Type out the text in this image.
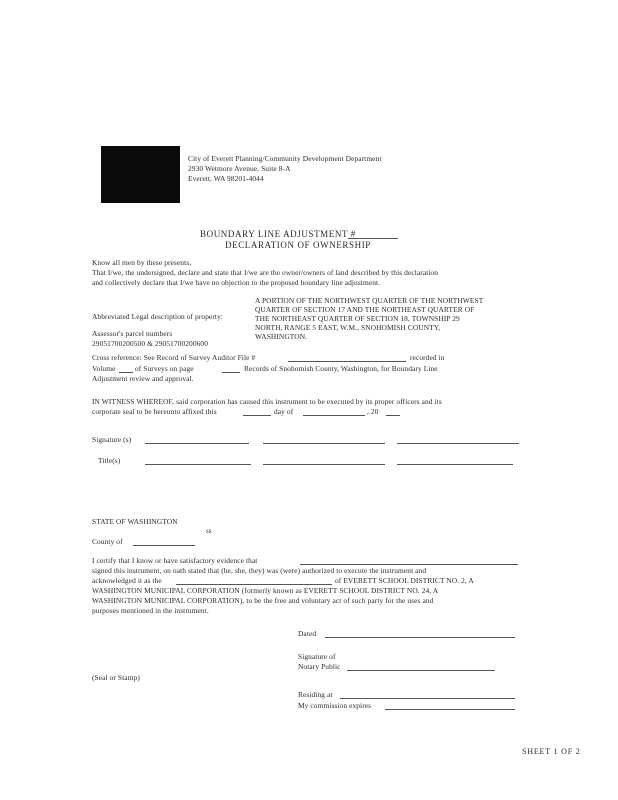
City of Everett Planning/Community Development Department
2930 Wetmore Avenue, Suite 8-A
Everett, WA 98201-4044
BOUNDARY LINE ADJUSTMENT #
DECLARATION OF OWNERSHIP
Know all men by these presents,
That I/we, the undersigned, declare and state that I/we are the owner/owners of land described by this declaration
and collectively declare that I/we have no objection to the proposed boundary line adjustment.
Abbreviated Legal description of property:
A PORTION OF THE NORTHWEST QUARTER OF THE NORTHWEST
QUARTER OF SECTION 17 AND THE NORTHEAST QUARTER OF
THE NORTHEAST QUARTER OF SECTION 18, TOWNSHIP 29
NORTH, RANGE 5 EAST, W.M., SNOHOMISH COUNTY,
WASHINGTON.
Assessor's parcel numbers
29051700200500 & 29051700200600
Cross reference: See Record of Survey Auditor File #	recorded in
Volume	of Surveys on page	Records of Snohomish County, Washington, for Boundary Line
Adjustment review and approval.
IN WITNESS WHEREOF, said corporation has caused this instrument to be executed by its proper officers and its
corporate seal to be hereunto affixed this	day of	, 20
Signature (s)
Title(s)
STATE OF WASHINGTON
ss
County of
I certify that I know or have satisfactory evidence that
signed this instrument, on oath stated that (he, she, they) was (were) authorized to execute the instrument and
acknowledged it as the	of EVERETT SCHOOL DISTRICT NO. 2, A
WASHINGTON MUNICIPAL CORPORATION (formerly known as EVERETT SCHOOL DISTRICT NO. 24, A
WASHINGTON MUNICIPAL CORPORATION), to be the free and voluntary act of such party for the uses and
purposes mentioned in the instrument.
Dated
Signature of
Notary Public
(Seal or Stamp)
Residing at
My commission expires
SHEET 1 OF 2
